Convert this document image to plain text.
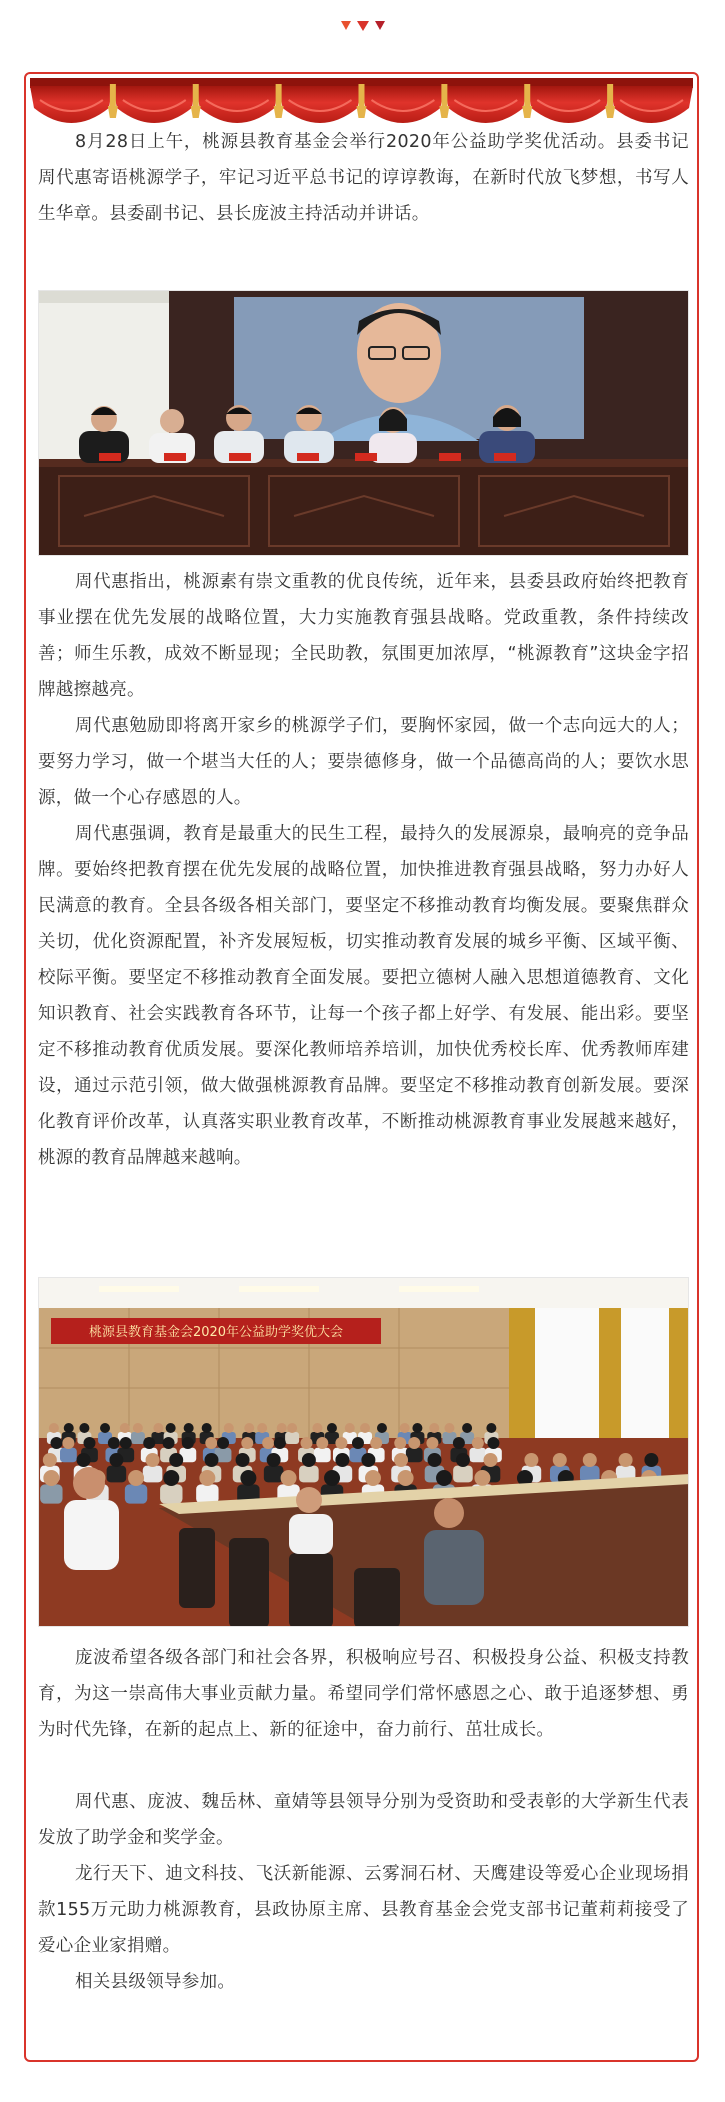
8月28日上午，桃源县教育基金会举行2020年公益助学奖优活动。县委书记周代惠寄语桃源学子，牢记习近平总书记的谆谆教诲，在新时代放飞梦想，书写人生华章。县委副书记、县长庞波主持活动并讲话。

周代惠指出，桃源素有崇文重教的优良传统，近年来，县委县政府始终把教育事业摆在优先发展的战略位置，大力实施教育强县战略。党政重教，条件持续改善；师生乐教，成效不断显现；全民助教，氛围更加浓厚，“桃源教育”这块金字招牌越擦越亮。

周代惠勉励即将离开家乡的桃源学子们，要胸怀家园，做一个志向远大的人；要努力学习，做一个堪当大任的人；要崇德修身，做一个品德高尚的人；要饮水思源，做一个心存感恩的人。

周代惠强调，教育是最重大的民生工程，最持久的发展源泉，最响亮的竞争品牌。要始终把教育摆在优先发展的战略位置，加快推进教育强县战略，努力办好人民满意的教育。全县各级各相关部门，要坚定不移推动教育均衡发展。要聚焦群众关切，优化资源配置，补齐发展短板，切实推动教育发展的城乡平衡、区域平衡、校际平衡。要坚定不移推动教育全面发展。要把立德树人融入思想道德教育、文化知识教育、社会实践教育各环节，让每一个孩子都上好学、有发展、能出彩。要坚定不移推动教育优质发展。要深化教师培养培训，加快优秀校长库、优秀教师库建设，通过示范引领，做大做强桃源教育品牌。要坚定不移推动教育创新发展。要深化教育评价改革，认真落实职业教育改革，不断推动桃源教育事业发展越来越好，桃源的教育品牌越来越响。

桃源县教育基金会2020年公益助学奖优大会

庞波希望各级各部门和社会各界，积极响应号召、积极投身公益、积极支持教育，为这一崇高伟大事业贡献力量。希望同学们常怀感恩之心、敢于追逐梦想、勇为时代先锋，在新的起点上、新的征途中，奋力前行、茁壮成长。

周代惠、庞波、魏岳林、童婧等县领导分别为受资助和受表彰的大学新生代表发放了助学金和奖学金。

龙行天下、迪文科技、飞沃新能源、云雾洞石材、天鹰建设等爱心企业现场捐款155万元助力桃源教育，县政协原主席、县教育基金会党支部书记董莉莉接受了爱心企业家捐赠。

相关县级领导参加。
